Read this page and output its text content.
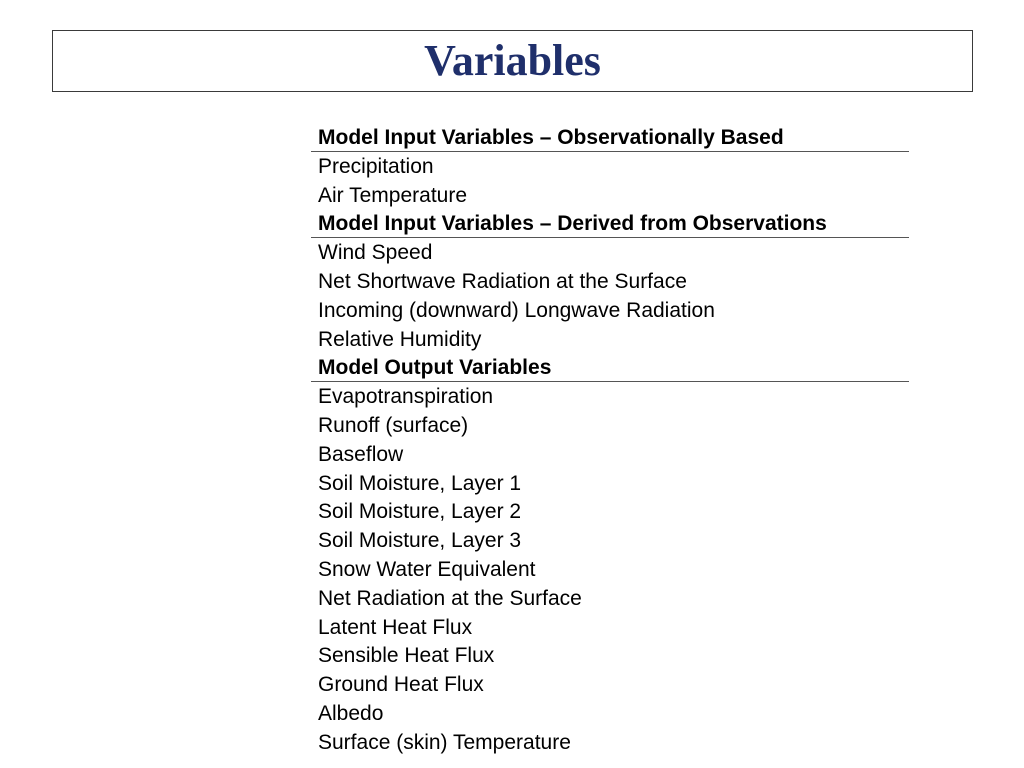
Variables
Model Input Variables – Observationally Based
Precipitation
Air Temperature
Model Input Variables – Derived from Observations
Wind Speed
Net Shortwave Radiation at the Surface
Incoming (downward) Longwave Radiation
Relative Humidity
Model Output Variables
Evapotranspiration
Runoff (surface)
Baseflow
Soil Moisture, Layer 1
Soil Moisture, Layer 2
Soil Moisture, Layer 3
Snow Water Equivalent
Net Radiation at the Surface
Latent Heat Flux
Sensible Heat Flux
Ground Heat Flux
Albedo
Surface (skin) Temperature
